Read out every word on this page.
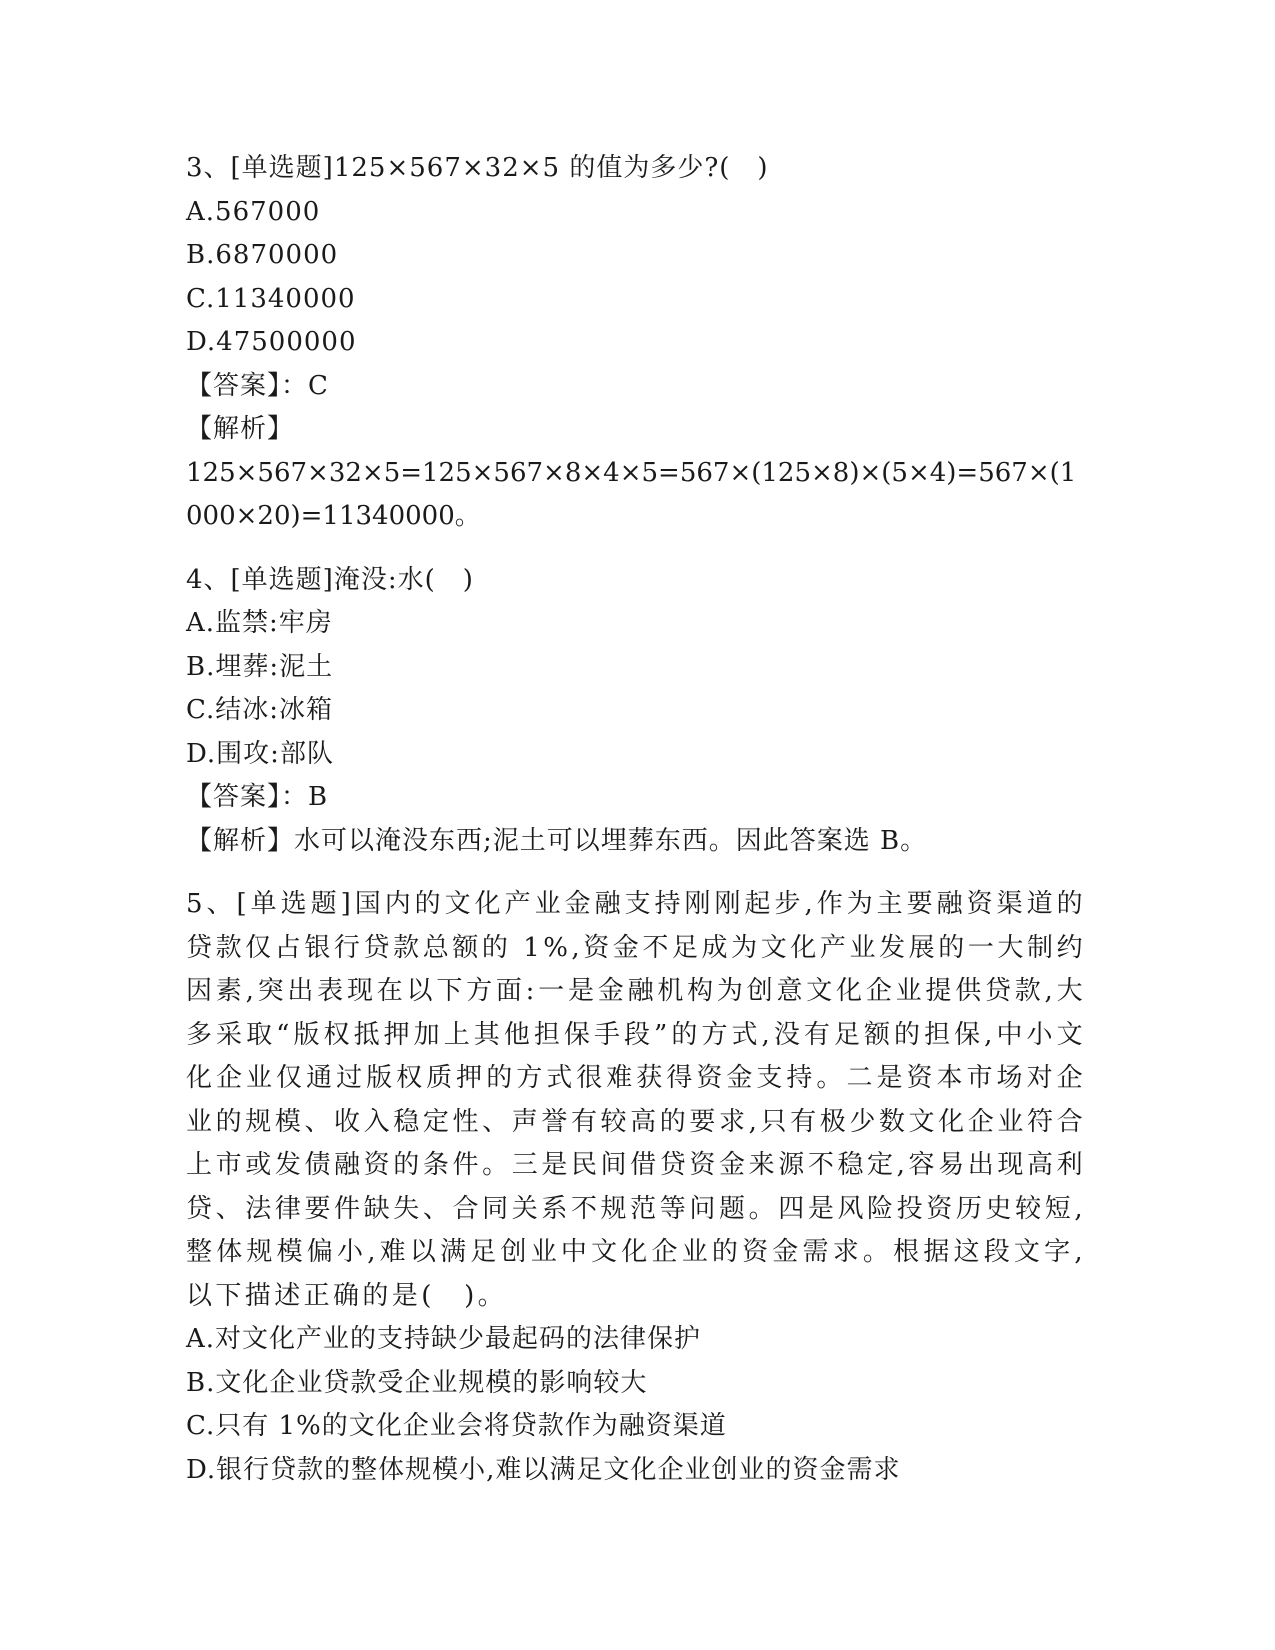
3、[单选题]125×567×32×5 的值为多少?(　)
A.567000
B.6870000
C.11340000
D.47500000
【答案】：C
【解析】
125×567×32×5=125×567×8×4×5=567×(125×8)×(5×4)=567×(1000×20)=11340000。
4、[单选题]淹没:水(　)
A.监禁:牢房
B.埋葬:泥土
C.结冰:冰箱
D.围攻:部队
【答案】：B
【解析】水可以淹没东西;泥土可以埋葬东西。因此答案选 B。
5、[单选题]国内的文化产业金融支持刚刚起步,作为主要融资渠道的贷款仅占银行贷款总额的 1%,资金不足成为文化产业发展的一大制约因素,突出表现在以下方面:一是金融机构为创意文化企业提供贷款,大多采取“版权抵押加上其他担保手段”的方式,没有足额的担保,中小文化企业仅通过版权质押的方式很难获得资金支持。二是资本市场对企业的规模、收入稳定性、声誉有较高的要求,只有极少数文化企业符合上市或发债融资的条件。三是民间借贷资金来源不稳定,容易出现高利贷、法律要件缺失、合同关系不规范等问题。四是风险投资历史较短,整体规模偏小,难以满足创业中文化企业的资金需求。根据这段文字,以下描述正确的是(　)。
A.对文化产业的支持缺少最起码的法律保护
B.文化企业贷款受企业规模的影响较大
C.只有 1%的文化企业会将贷款作为融资渠道
D.银行贷款的整体规模小,难以满足文化企业创业的资金需求
